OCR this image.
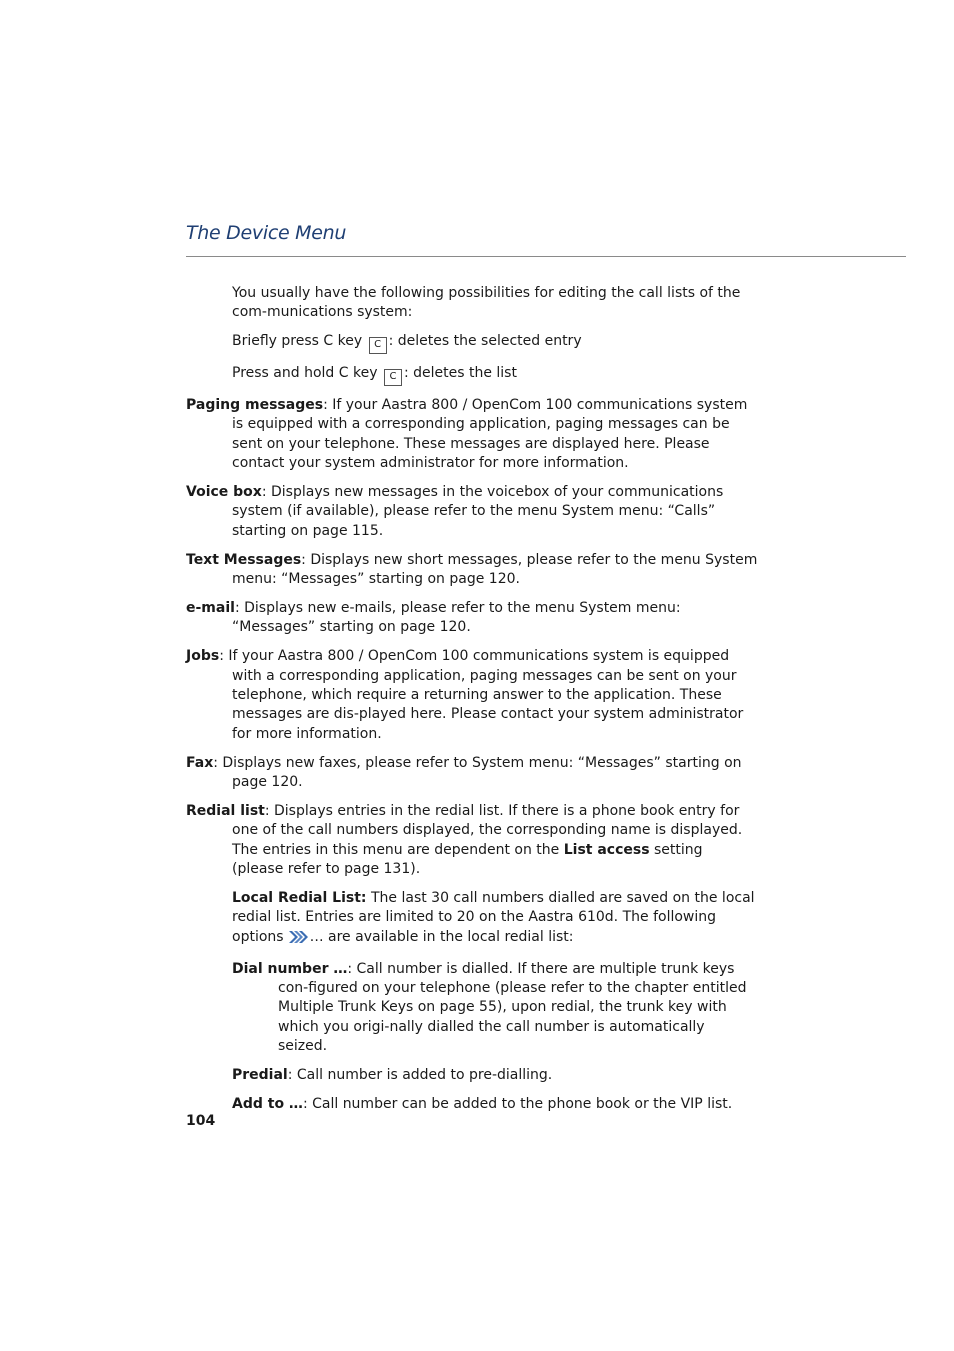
The Device Menu

You usually have the following possibilities for editing the call lists of the com-munications system:

Briefly press C key C : deletes the selected entry

Press and hold C key C : deletes the list

Paging messages: If your Aastra 800 / OpenCom 100 communications system is equipped with a corresponding application, paging messages can be sent on your telephone. These messages are displayed here. Please contact your system administrator for more information.

Voice box: Displays new messages in the voicebox of your communications system (if available), please refer to the menu System menu: “Calls” starting on page 115.

Text Messages: Displays new short messages, please refer to the menu System menu: “Messages” starting on page 120.

e-mail: Displays new e-mails, please refer to the menu System menu: “Messages” starting on page 120.

Jobs: If your Aastra 800 / OpenCom 100 communications system is equipped with a corresponding application, paging messages can be sent on your telephone, which require a returning answer to the application. These messages are dis-played here. Please contact your system administrator for more information.

Fax: Displays new faxes, please refer to System menu: “Messages” starting on page 120.

Redial list: Displays entries in the redial list. If there is a phone book entry for one of the call numbers displayed, the corresponding name is displayed. The entries in this menu are dependent on the List access setting (please refer to page 131).

Local Redial List: The last 30 call numbers dialled are saved on the local redial list. Entries are limited to 20 on the Aastra 610d. The following options … are available in the local redial list:

Dial number …: Call number is dialled. If there are multiple trunk keys con-figured on your telephone (please refer to the chapter entitled Multiple Trunk Keys on page 55), upon redial, the trunk key with which you origi-nally dialled the call number is automatically seized.

Predial: Call number is added to pre-dialling.

Add to …: Call number can be added to the phone book or the VIP list.

104
